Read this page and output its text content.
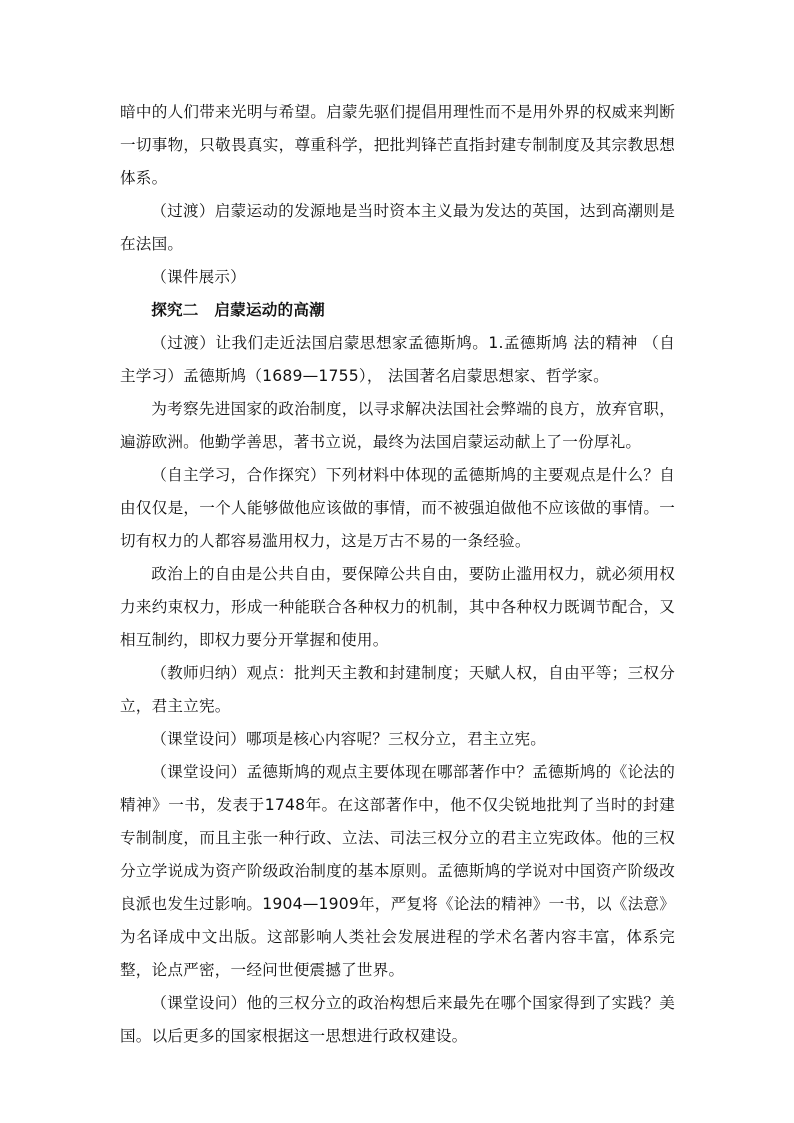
暗中的人们带来光明与希望。启蒙先驱们提倡用理性而不是用外界的权威来判断一切事物，只敬畏真实，尊重科学，把批判锋芒直指封建专制制度及其宗教思想体系。

（过渡）启蒙运动的发源地是当时资本主义最为发达的英国，达到高潮则是在法国。

（课件展示）

探究二　启蒙运动的高潮

（过渡）让我们走近法国启蒙思想家孟德斯鸠。1.孟德斯鸠 法的精神 （自主学习）孟德斯鸠（1689—1755）， 法国著名启蒙思想家、哲学家。

为考察先进国家的政治制度，以寻求解决法国社会弊端的良方，放弃官职，遍游欧洲。他勤学善思，著书立说，最终为法国启蒙运动献上了一份厚礼。

（自主学习，合作探究）下列材料中体现的孟德斯鸠的主要观点是什么？自由仅仅是，一个人能够做他应该做的事情，而不被强迫做他不应该做的事情。一切有权力的人都容易滥用权力，这是万古不易的一条经验。

政治上的自由是公共自由，要保障公共自由，要防止滥用权力，就必须用权力来约束权力，形成一种能联合各种权力的机制，其中各种权力既调节配合，又相互制约，即权力要分开掌握和使用。

（教师归纳）观点：批判天主教和封建制度；天赋人权，自由平等；三权分立，君主立宪。

（课堂设问）哪项是核心内容呢？三权分立，君主立宪。

（课堂设问）孟德斯鸠的观点主要体现在哪部著作中？孟德斯鸠的《论法的精神》一书，发表于1748年。在这部著作中，他不仅尖锐地批判了当时的封建专制制度，而且主张一种行政、立法、司法三权分立的君主立宪政体。他的三权分立学说成为资产阶级政治制度的基本原则。孟德斯鸠的学说对中国资产阶级改良派也发生过影响。1904—1909年，严复将《论法的精神》一书，以《法意》为名译成中文出版。这部影响人类社会发展进程的学术名著内容丰富，体系完整，论点严密，一经问世便震撼了世界。

（课堂设问）他的三权分立的政治构想后来最先在哪个国家得到了实践？美国。以后更多的国家根据这一思想进行政权建设。
